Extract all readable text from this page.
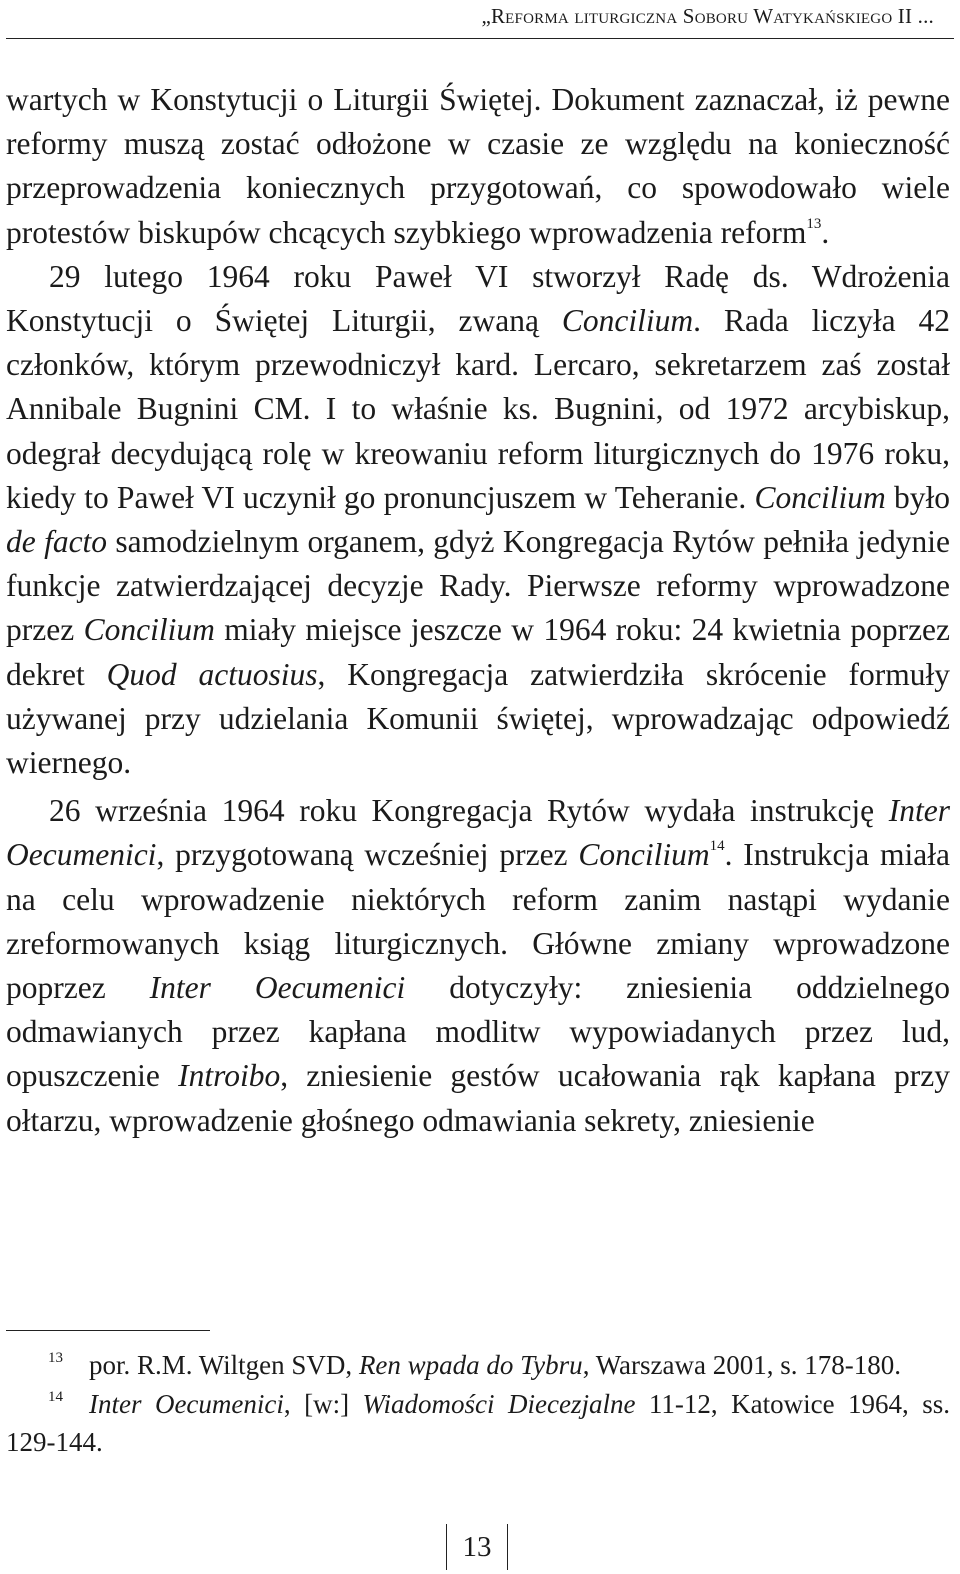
„Reforma liturgiczna Soboru Watykańskiego II ...

wartych w Konstytucji o Liturgii Świętej. Dokument zaznaczał, iż pewne reformy muszą zostać odłożone w czasie ze względu na konieczność przeprowadzenia koniecznych przygotowań, co spowodowało wiele protestów biskupów chcących szybkiego wprowadzenia reform$^{13}$.

29 lutego 1964 roku Paweł VI stworzył Radę ds. Wdrożenia Konstytucji o Świętej Liturgii, zwaną Concilium. Rada liczyła 42 członków, którym przewodniczył kard. Lercaro, sekretarzem zaś został Annibale Bugnini CM. I to właśnie ks. Bugnini, od 1972 arcybiskup, odegrał decydującą rolę w kreowaniu reform liturgicznych do 1976 roku, kiedy to Paweł VI uczynił go pronuncjuszem w Teheranie. Concilium było de facto samodzielnym organem, gdyż Kongregacja Rytów pełniła jedynie funkcje zatwierdzającej decyzje Rady. Pierwsze reformy wprowadzone przez Concilium miały miejsce jeszcze w 1964 roku: 24 kwietnia poprzez dekret Quod actuosius, Kongregacja zatwierdziła skrócenie formuły używanej przy udzielania Komunii świętej, wprowadzając odpowiedź wiernego.

26 września 1964 roku Kongregacja Rytów wydała instrukcję Inter Oecumenici, przygotowaną wcześniej przez Concilium$^{14}$. Instrukcja miała na celu wprowadzenie niektórych reform zanim nastąpi wydanie zreformowanych ksiąg liturgicznych. Główne zmiany wprowadzone poprzez Inter Oecumenici dotyczyły: zniesienia oddzielnego odmawianych przez kapłana modlitw wypowiadanych przez lud, opuszczenie Introibo, zniesienie gestów ucałowania rąk kapłana przy ołtarzu, wprowadzenie głośnego odmawiania sekrety, zniesienie

$^{13}$ por. R.M. Wiltgen SVD, Ren wpada do Tybru, Warszawa 2001, s. 178-180.

$^{14}$ Inter Oecumenici, [w:] Wiadomości Diecezjalne 11-12, Katowice 1964, ss. 129-144.

13
